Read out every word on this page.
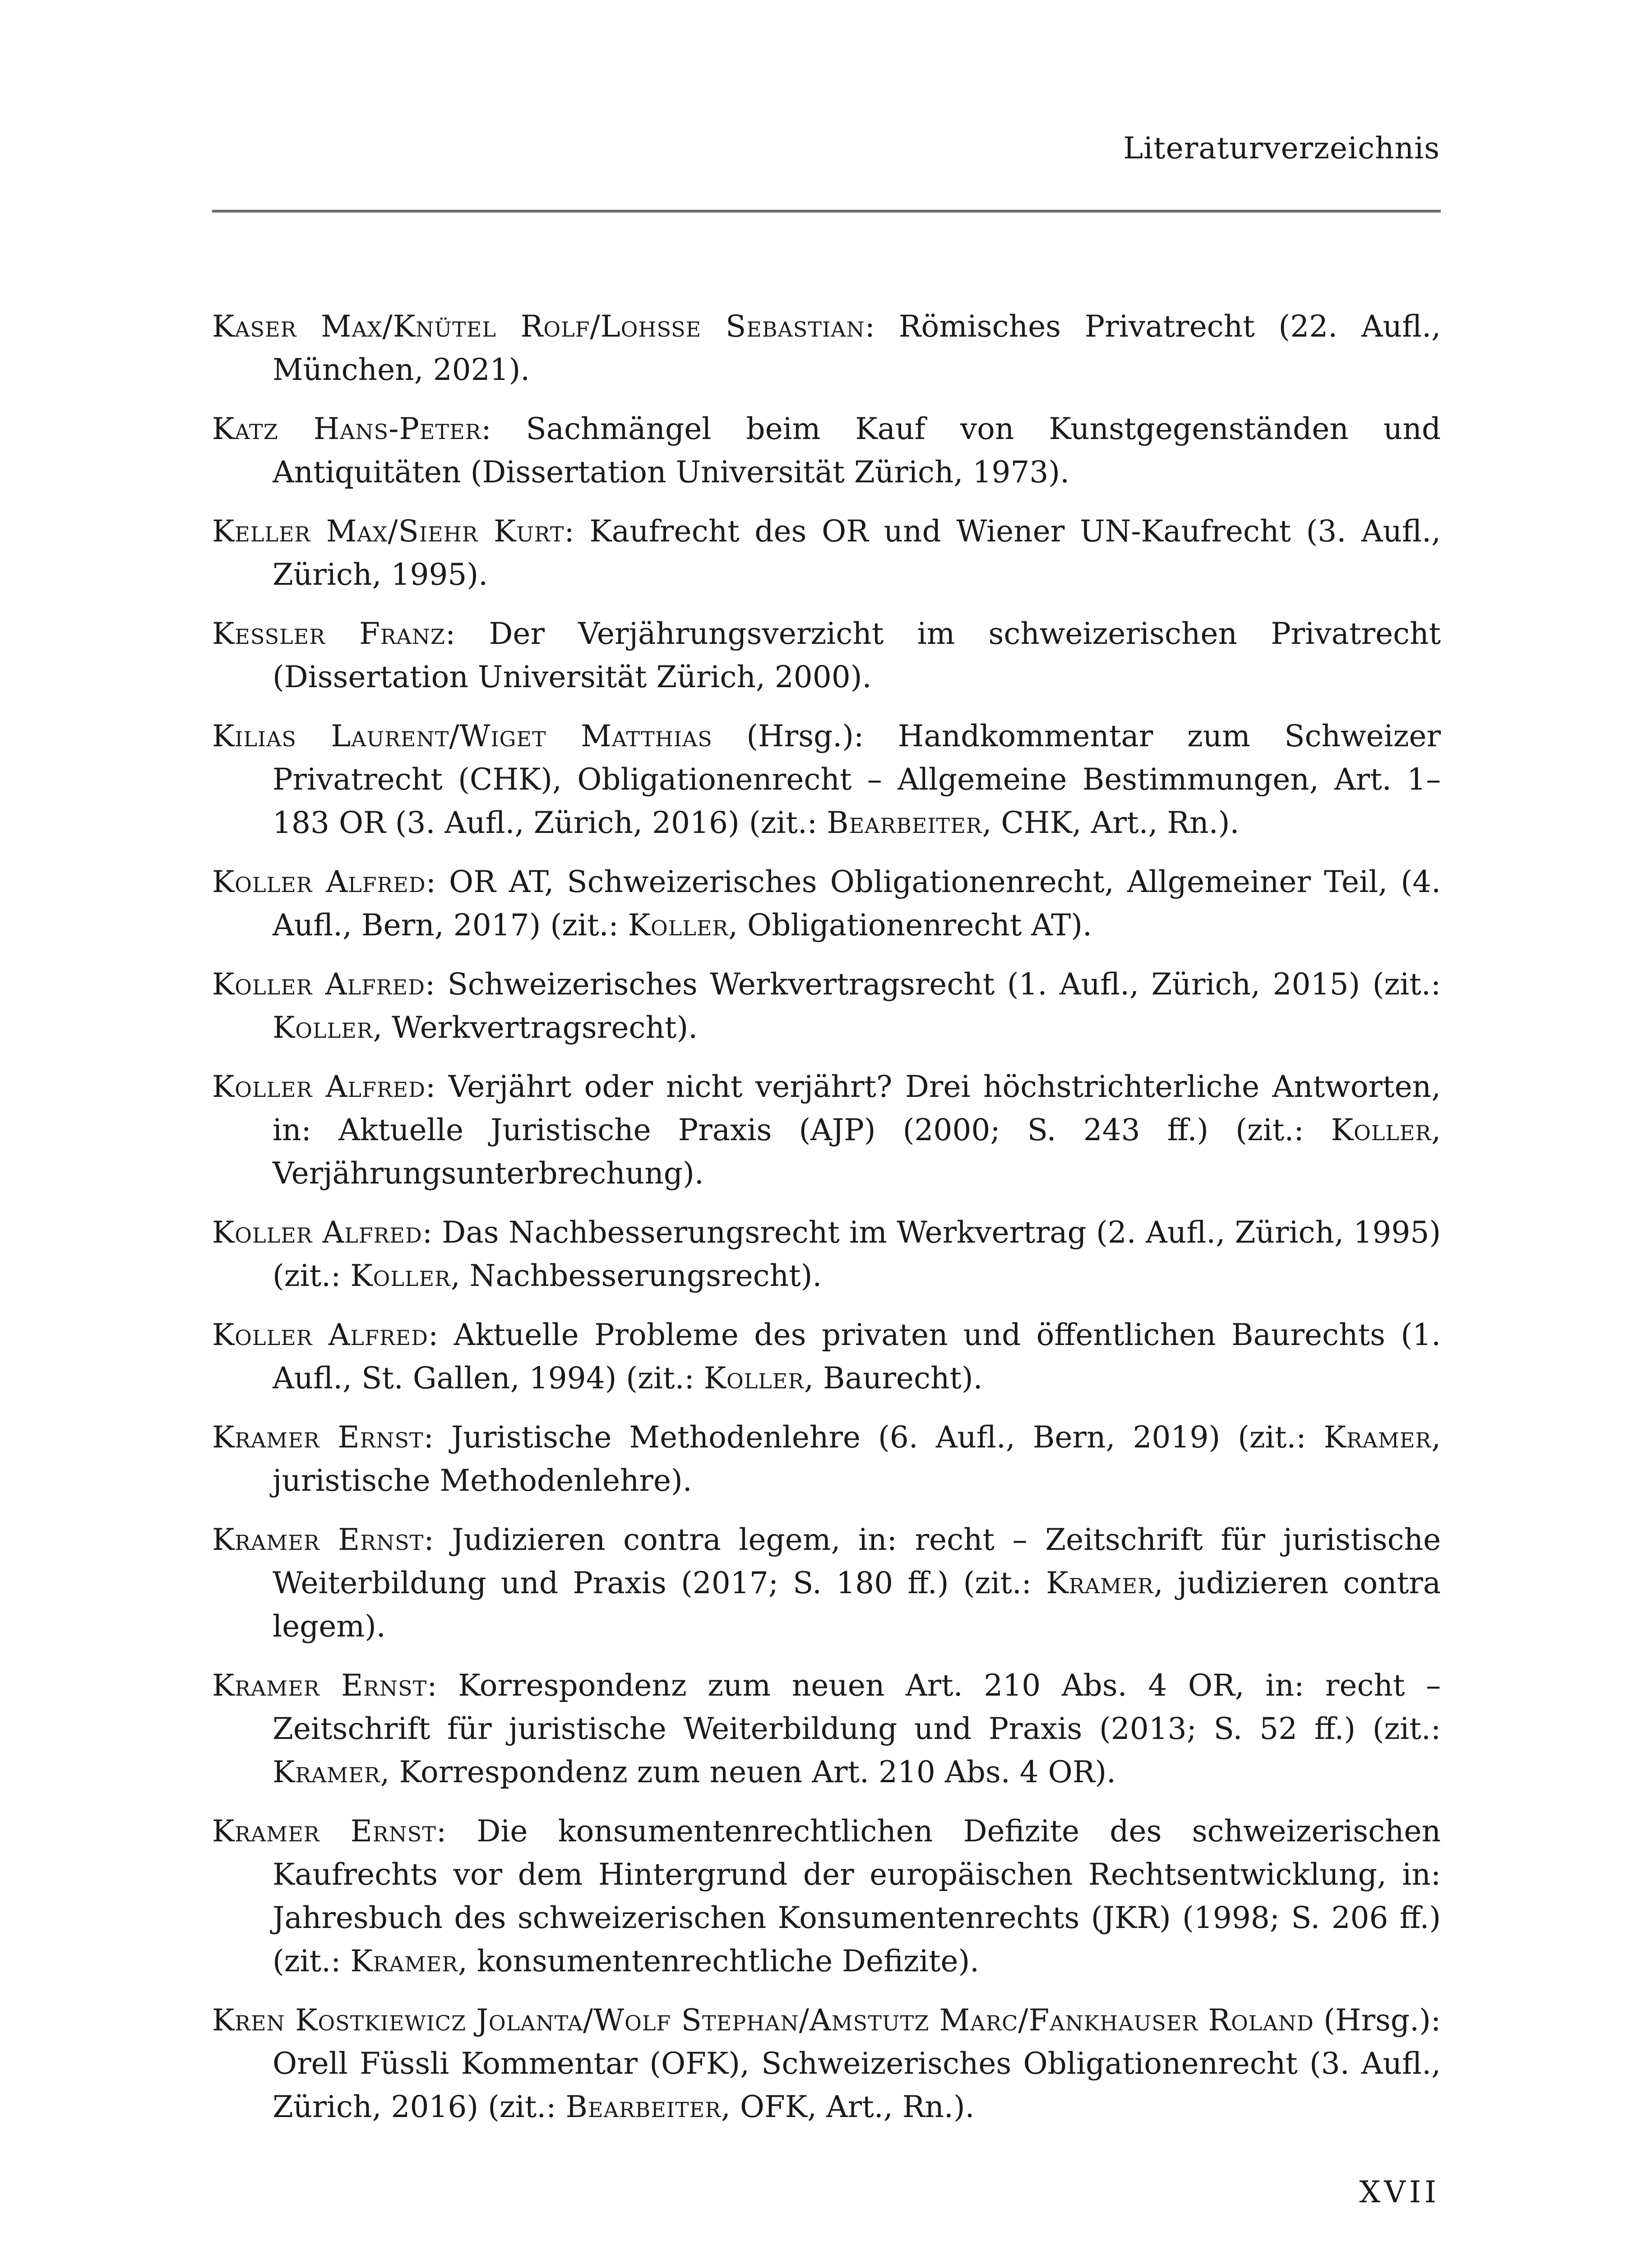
Literaturverzeichnis
Kaser Max/Knütel Rolf/Lohsse Sebastian: Römisches Privatrecht (22. Aufl., München, 2021).
Katz Hans-Peter: Sachmängel beim Kauf von Kunstgegenständen und Antiquitäten (Dissertation Universität Zürich, 1973).
Keller Max/Siehr Kurt: Kaufrecht des OR und Wiener UN-Kaufrecht (3. Aufl., Zürich, 1995).
Kessler Franz: Der Verjährungsverzicht im schweizerischen Privatrecht (Dissertation Universität Zürich, 2000).
Kilias Laurent/Wiget Matthias (Hrsg.): Handkommentar zum Schweizer Privatrecht (CHK), Obligationenrecht – Allgemeine Bestimmungen, Art. 1–183 OR (3. Aufl., Zürich, 2016) (zit.: Bearbeiter, CHK, Art., Rn.).
Koller Alfred: OR AT, Schweizerisches Obligationenrecht, Allgemeiner Teil, (4. Aufl., Bern, 2017) (zit.: Koller, Obligationenrecht AT).
Koller Alfred: Schweizerisches Werkvertragsrecht (1. Aufl., Zürich, 2015) (zit.: Koller, Werkvertragsrecht).
Koller Alfred: Verjährt oder nicht verjährt? Drei höchstrichterliche Antworten, in: Aktuelle Juristische Praxis (AJP) (2000; S. 243 ff.) (zit.: Koller, Verjährungsunterbrechung).
Koller Alfred: Das Nachbesserungsrecht im Werkvertrag (2. Aufl., Zürich, 1995) (zit.: Koller, Nachbesserungsrecht).
Koller Alfred: Aktuelle Probleme des privaten und öffentlichen Baurechts (1. Aufl., St. Gallen, 1994) (zit.: Koller, Baurecht).
Kramer Ernst: Juristische Methodenlehre (6. Aufl., Bern, 2019) (zit.: Kramer, juristische Methodenlehre).
Kramer Ernst: Judizieren contra legem, in: recht – Zeitschrift für juristische Weiterbildung und Praxis (2017; S. 180 ff.) (zit.: Kramer, judizieren contra legem).
Kramer Ernst: Korrespondenz zum neuen Art. 210 Abs. 4 OR, in: recht – Zeitschrift für juristische Weiterbildung und Praxis (2013; S. 52 ff.) (zit.: Kramer, Korrespondenz zum neuen Art. 210 Abs. 4 OR).
Kramer Ernst: Die konsumentenrechtlichen Defizite des schweizerischen Kaufrechts vor dem Hintergrund der europäischen Rechtsentwicklung, in: Jahresbuch des schweizerischen Konsumentenrechts (JKR) (1998; S. 206 ff.) (zit.: Kramer, konsumentenrechtliche Defizite).
Kren Kostkiewicz Jolanta/Wolf Stephan/Amstutz Marc/Fankhauser Roland (Hrsg.): Orell Füssli Kommentar (OFK), Schweizerisches Obligationenrecht (3. Aufl., Zürich, 2016) (zit.: Bearbeiter, OFK, Art., Rn.).
XVII
